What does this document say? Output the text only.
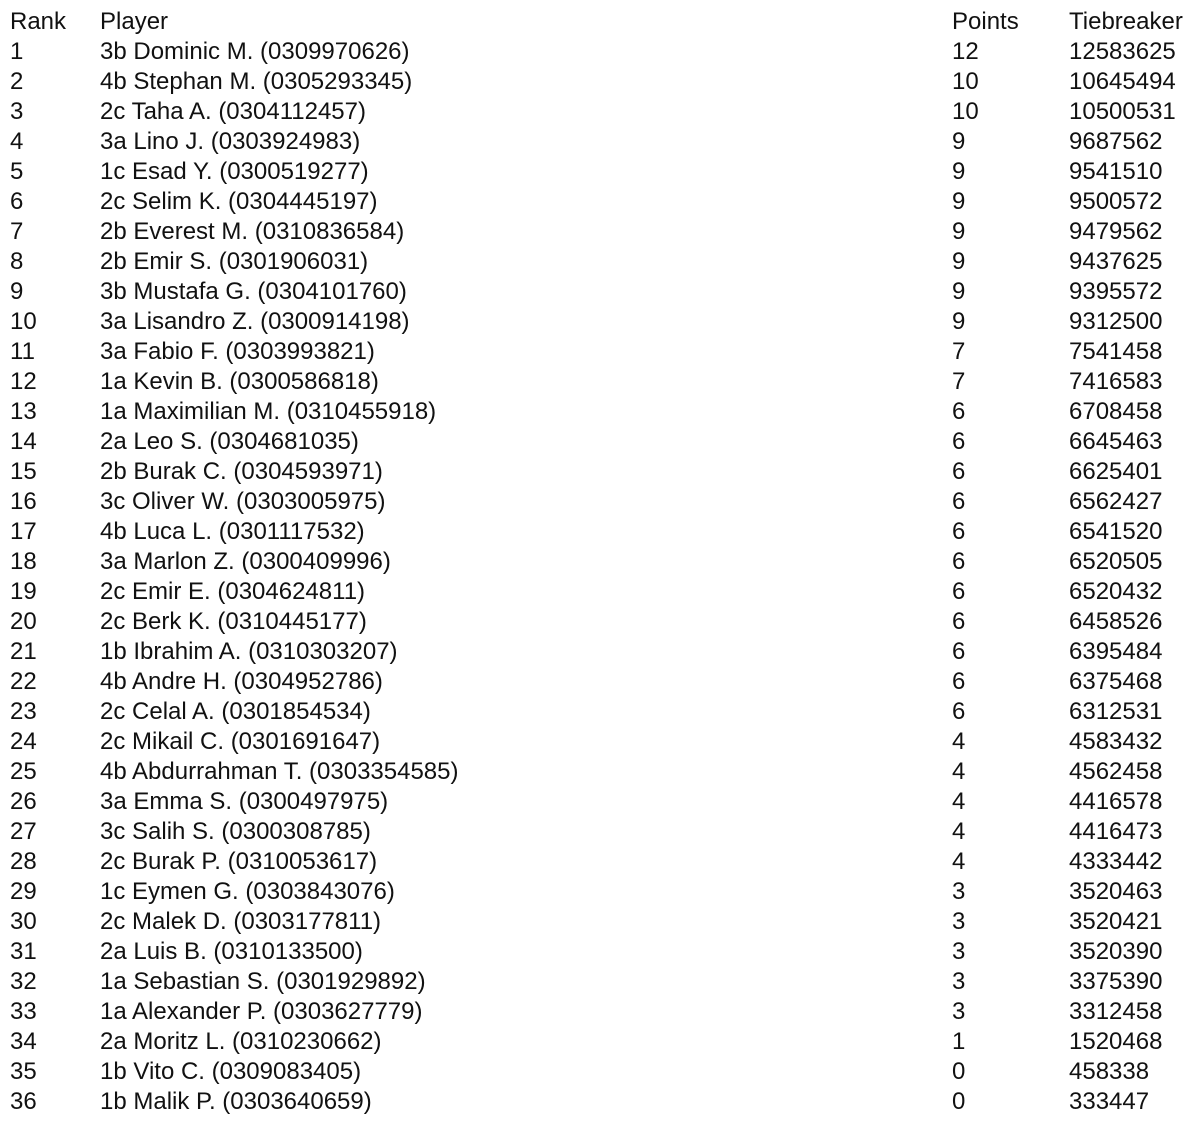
Rank Player	Points Tiebreaker
1	3b Dominic M. (0309970626)	12	12583625
2	4b Stephan M. (0305293345)	10	10645494
3	2c Taha A. (0304112457)	10	10500531
4	3a Lino J. (0303924983)	9	9687562
5	1c Esad Y. (0300519277)	9	9541510
6	2c Selim K. (0304445197)	9	9500572
7	2b Everest M. (0310836584)	9	9479562
8	2b Emir S. (0301906031)	9	9437625
9	3b Mustafa G. (0304101760)	9	9395572
10	3a Lisandro Z. (0300914198)	9	9312500
11	3a Fabio F. (0303993821)	7	7541458
12	1a Kevin B. (0300586818)	7	7416583
13	1a Maximilian M. (0310455918)	6	6708458
14	2a Leo S. (0304681035)	6	6645463
15	2b Burak C. (0304593971)	6	6625401
16	3c Oliver W. (0303005975)	6	6562427
17	4b Luca L. (0301117532)	6	6541520
18	3a Marlon Z. (0300409996)	6	6520505
19	2c Emir E. (0304624811)	6	6520432
20	2c Berk K. (0310445177)	6	6458526
21	1b Ibrahim A. (0310303207)	6	6395484
22	4b Andre H. (0304952786)	6	6375468
23	2c Celal A. (0301854534)	6	6312531
24	2c Mikail C. (0301691647)	4	4583432
25	4b Abdurrahman T. (0303354585)	4	4562458
26	3a Emma S. (0300497975)	4	4416578
27	3c Salih S. (0300308785)	4	4416473
28	2c Burak P. (0310053617)	4	4333442
29	1c Eymen G. (0303843076)	3	3520463
30	2c Malek D. (0303177811)	3	3520421
31	2a Luis B. (0310133500)	3	3520390
32	1a Sebastian S. (0301929892)	3	3375390
33	1a Alexander P. (0303627779)	3	3312458
34	2a Moritz L. (0310230662)	1	1520468
35	1b Vito C. (0309083405)	0	458338
36	1b Malik P. (0303640659)	0	333447
